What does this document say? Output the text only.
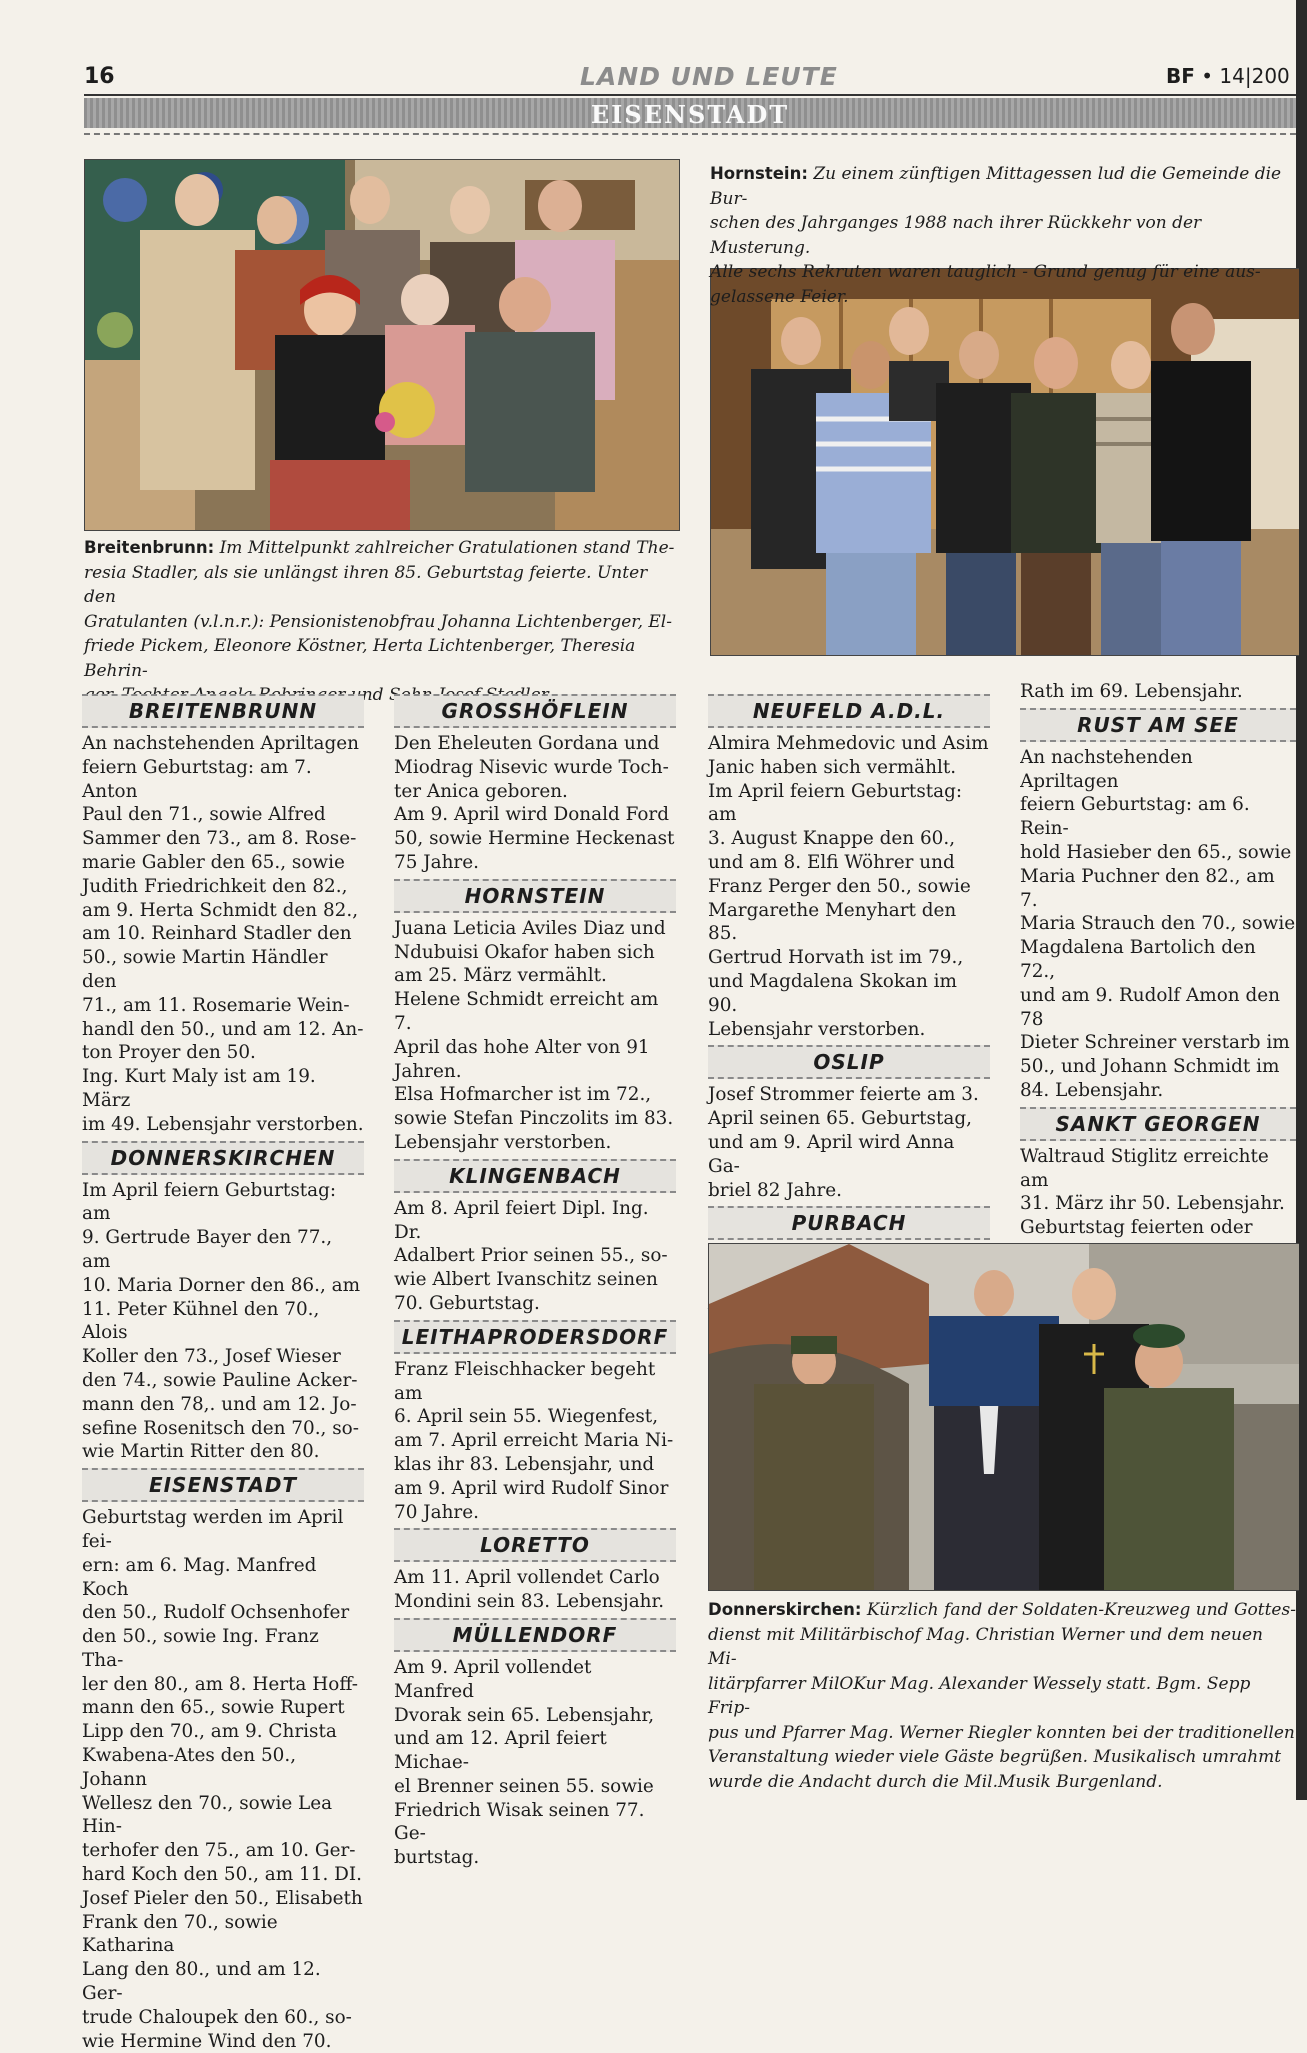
16	LAND UND LEUTE	BF • 14|200
EISENSTADT
Breitenbrunn: Im Mittelpunkt zahlreicher Gratulationen stand The-
resia Stadler, als sie unlängst ihren 85. Geburtstag feierte. Unter den
Gratulanten (v.l.n.r.): Pensionistenobfrau Johanna Lichtenberger, El-
friede Pickem, Eleonore Köstner, Herta Lichtenberger, Theresia Behrin-
und
Hornstein: Zu einem zünftigen Mittagessen lud die Gemeinde die Bur-
schen des Jahrganges 1988 nach ihrer Rückkehr von der Musterung.
Alle sechs Rekruten waren tauglich - Grund genug für eine aus-
gelassene Feier.
BREITENBRUNN

An nachstehenden Apriltagen

feiern Geburtstag: am 7. Anton

Paul den 71., sowie Alfred

Sammer den 73., am 8. Rose-

marie Gabler den 65., sowie

Judith Friedrichkeit den 82.,

am 9. Herta Schmidt den 82.,

am 10. Reinhard Stadler den

50., sowie Martin Händler den

71., am 11. Rosemarie Wein-

handl den 50., und am 12. An-

ton Proyer den 50.

Ing. Kurt Maly ist am 19. März

im 49. Lebensjahr verstorben.

DONNERSKIRCHEN

Im April feiern Geburtstag: am

9. Gertrude Bayer den 77., am

10. Maria Dorner den 86., am

11. Peter Kühnel den 70., Alois

Koller den 73., Josef Wieser

den 74., sowie Pauline Acker-

mann den 78,. und am 12. Jo-

sefine Rosenitsch den 70., so-

wie Martin Ritter den 80.

EISENSTADT

Geburtstag werden im April fei-

ern: am 6. Mag. Manfred Koch

den 50., Rudolf Ochsenhofer

den 50., sowie Ing. Franz Tha-

ler den 80., am 8. Herta Hoff-

mann den 65., sowie Rupert

Lipp den 70., am 9. Christa

Kwabena-Ates den 50., Johann

Wellesz den 70., sowie Lea Hin-

terhofer den 75., am 10. Ger-

hard Koch den 50., am 11. DI.

Josef Pieler den 50., Elisabeth

Frank den 70., sowie Katharina

Lang den 80., und am 12. Ger-

trude Chaloupek den 60., so-

wie Hermine Wind den 70.

GROSSHÖFLEIN

Den Eheleuten Gordana und

Miodrag Nisevic wurde Toch-

ter Anica geboren.

Am 9. April wird Donald Ford

50, sowie Hermine Heckenast

75 Jahre.

HORNSTEIN

Juana Leticia Aviles Diaz und

Ndubuisi Okafor haben sich

am 25. März vermählt.

Helene Schmidt erreicht am 7.

April das hohe Alter von 91

Jahren.

Elsa Hofmarcher ist im 72.,

sowie Stefan Pinczolits im 83.

Lebensjahr verstorben.

KLINGENBACH

Am 8. April feiert Dipl. Ing. Dr.

Adalbert Prior seinen 55., so-

wie Albert Ivanschitz seinen

70. Geburtstag.

LEITHAPRODERSDORF

Franz Fleischhacker begeht am

6. April sein 55. Wiegenfest,

am 7. April erreicht Maria Ni-

klas ihr 83. Lebensjahr, und

am 9. April wird Rudolf Sinor

70 Jahre.

LORETTO

Am 11. April vollendet Carlo

Mondini sein 83. Lebensjahr.

MÜLLENDORF

Am 9. April vollendet Manfred

Dvorak sein 65. Lebensjahr,

und am 12. April feiert Michae-

el Brenner seinen 55. sowie

Friedrich Wisak seinen 77. Ge-

burtstag.

NEUFELD A.D.L.

Almira Mehmedovic und Asim

Janic haben sich vermählt.

Im April feiern Geburtstag: am

3. August Knappe den 60.,

und am 8. Elfi Wöhrer und

Franz Perger den 50., sowie

Margarethe Menyhart den 85.

Gertrud Horvath ist im 79.,

und Magdalena Skokan im 90.

Lebensjahr verstorben.

OSLIP

Josef Strommer feierte am 3.

April seinen 65. Geburtstag,

und am 9. April wird Anna Ga-

briel 82 Jahre.

PURBACH

Rath im 69. Lebensjahr.

RUST AM SEE

An nachstehenden Apriltagen

feiern Geburtstag: am 6. Rein-

hold Hasieber den 65., sowie

Maria Puchner den 82., am 7.

Maria Strauch den 70., sowie

Magdalena Bartolich den 72.,

und am 9. Rudolf Amon den 78

Dieter Schreiner verstarb im

50., und Johann Schmidt im

84. Lebensjahr.

SANKT GEORGEN

Waltraud Stiglitz erreichte am

31. März ihr 50. Lebensjahr.

Geburtstag feierten oder

Donnerskirchen: Kürzlich fand der Soldaten-Kreuzweg und Gottes-
dienst mit Militärbischof Mag. Christian Werner und dem neuen Mi-
litärpfarrer MilOKur Mag. Alexander Wessely statt. Bgm. Sepp Frip-
pus und Pfarrer Mag. Werner Riegler konnten bei der traditionellen
Veranstaltung wieder viele Gäste begrüßen. Musikalisch umrahmt
wurde die Andacht durch die Mil.Musik Burgenland.
